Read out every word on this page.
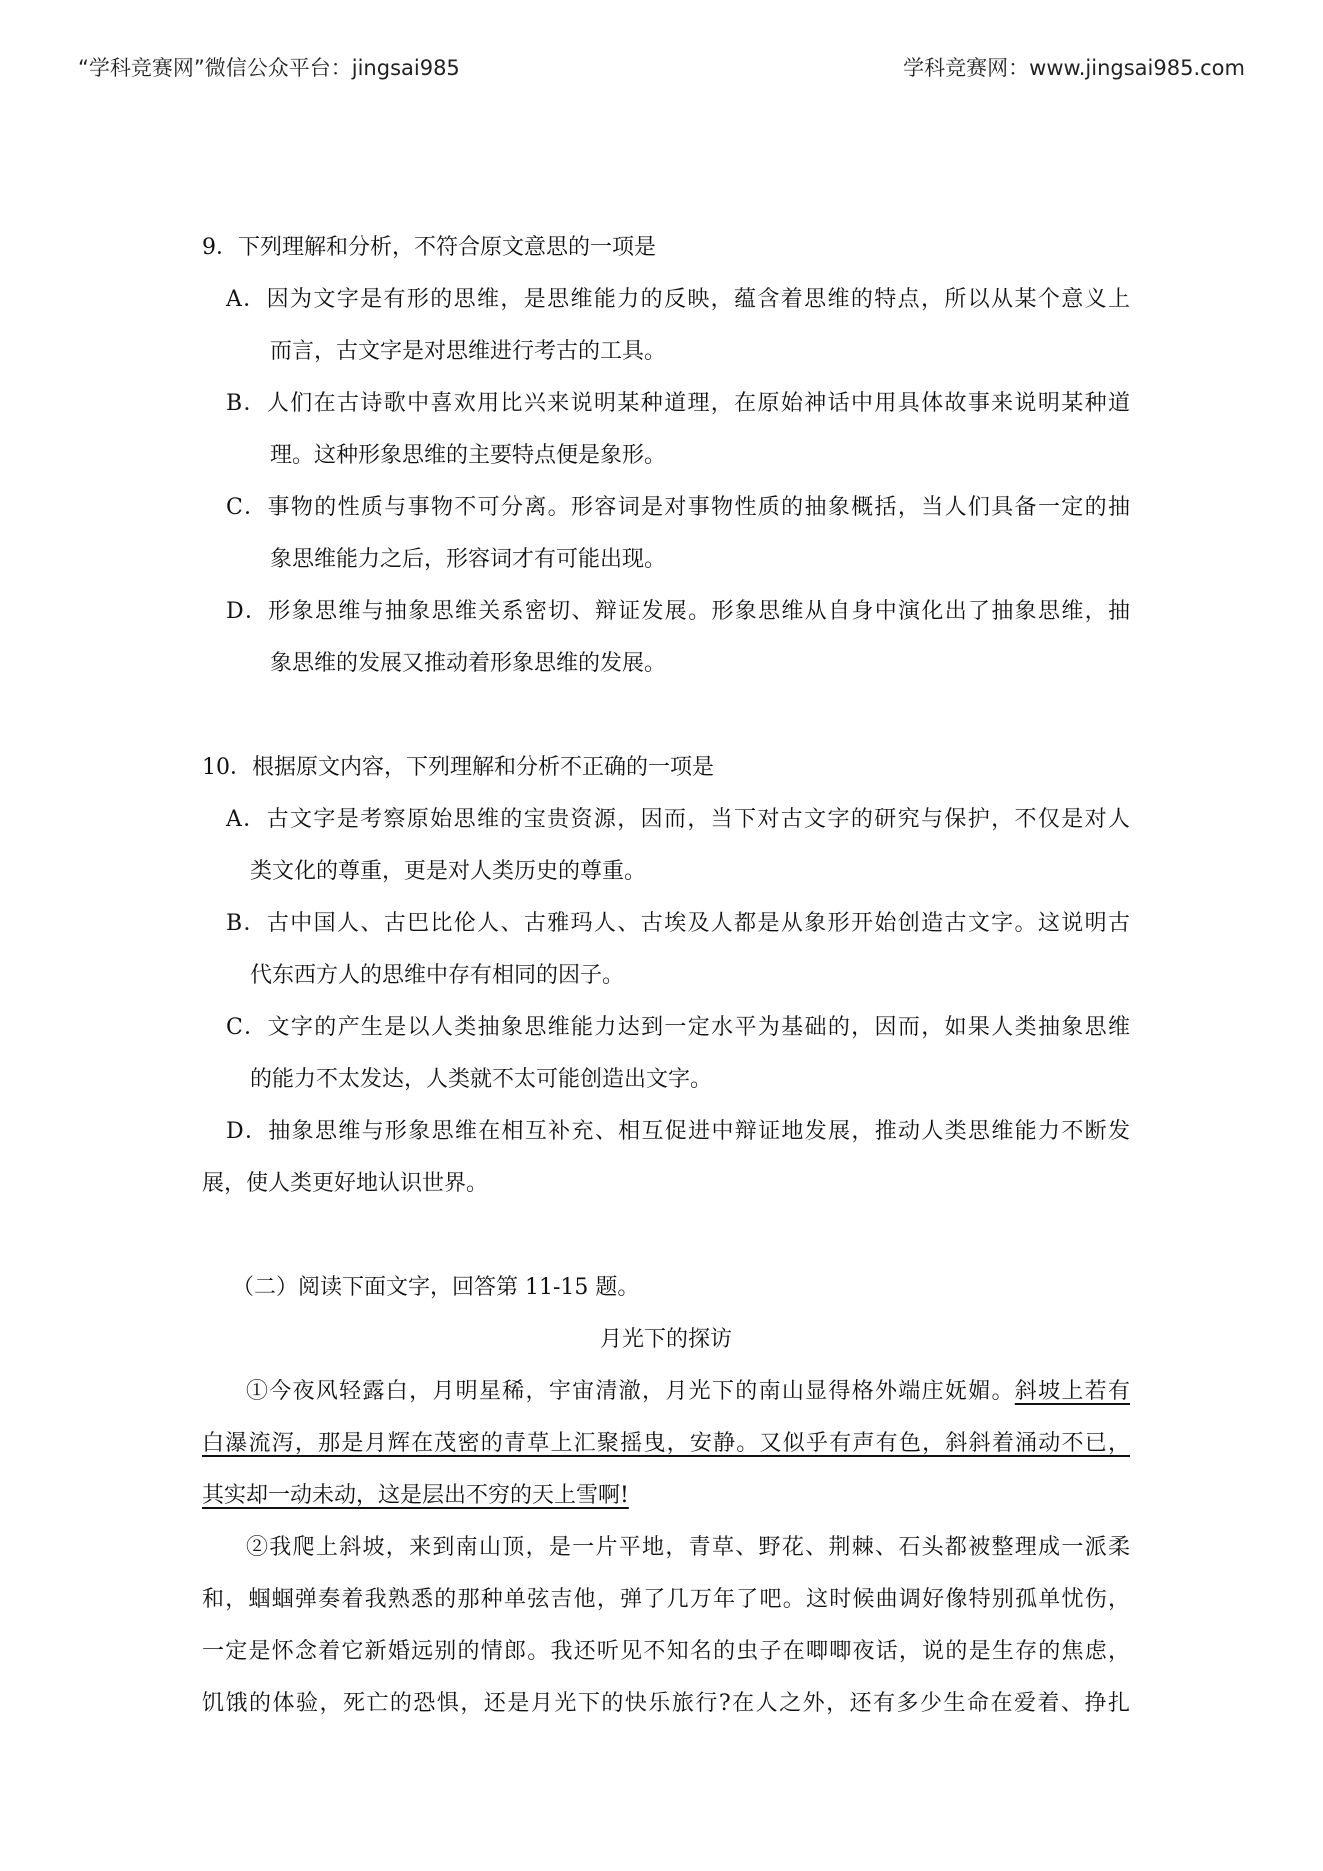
“学科竞赛网”微信公众平台：jingsai985	学科竞赛网：www.jingsai985.com
9．下列理解和分析，不符合原文意思的一项是
A．因为文字是有形的思维，是思维能力的反映，蕴含着思维的特点，所以从某个意义上
而言，古文字是对思维进行考古的工具。
B．人们在古诗歌中喜欢用比兴来说明某种道理，在原始神话中用具体故事来说明某种道
理。这种形象思维的主要特点便是象形。
C．事物的性质与事物不可分离。形容词是对事物性质的抽象概括，当人们具备一定的抽
象思维能力之后，形容词才有可能出现。
D．形象思维与抽象思维关系密切、辩证发展。形象思维从自身中演化出了抽象思维，抽
象思维的发展又推动着形象思维的发展。
10．根据原文内容，下列理解和分析不正确的一项是
A．古文字是考察原始思维的宝贵资源，因而，当下对古文字的研究与保护，不仅是对人
类文化的尊重，更是对人类历史的尊重。
B．古中国人、古巴比伦人、古雅玛人、古埃及人都是从象形开始创造古文字。这说明古
代东西方人的思维中存有相同的因子。
C．文字的产生是以人类抽象思维能力达到一定水平为基础的，因而，如果人类抽象思维
的能力不太发达，人类就不太可能创造出文字。
D．抽象思维与形象思维在相互补充、相互促进中辩证地发展，推动人类思维能力不断发
展，使人类更好地认识世界。
（二）阅读下面文字，回答第 11-15 题。
月光下的探访
①今夜风轻露白，月明星稀，宇宙清澈，月光下的南山显得格外端庄妩媚。斜坡上若有
白瀑流泻，那是月辉在茂密的青草上汇聚摇曳，安静。又似乎有声有色，斜斜着涌动不已，
其实却一动未动，这是层出不穷的天上雪啊!
②我爬上斜坡，来到南山顶，是一片平地，青草、野花、荆棘、石头都被整理成一派柔
和，蝈蝈弹奏着我熟悉的那种单弦吉他，弹了几万年了吧。这时候曲调好像特别孤单忧伤，
一定是怀念着它新婚远别的情郎。我还听见不知名的虫子在唧唧夜话，说的是生存的焦虑，
饥饿的体验，死亡的恐惧，还是月光下的快乐旅行?在人之外，还有多少生命在爱着、挣扎
